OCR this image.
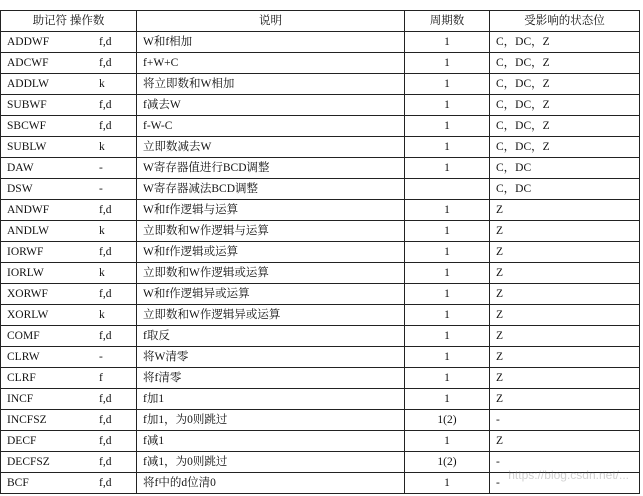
助记符 操作数	说明	周期数	受影响的状态位
ADDWF f,d	W和f相加	1	C，DC，Z
ADCWF f,d	f+W+C	1	C，DC，Z
ADDLW k	将立即数和W相加	1	C，DC，Z
SUBWF f,d	f减去W	1	C，DC，Z
SBCWF f,d	f-W-C	1	C，DC，Z
SUBLW k	立即数减去W	1	C，DC，Z
DAW -	W寄存器值进行BCD调整	1	C，DC
DSW -	W寄存器减法BCD调整		C，DC
ANDWF f,d	W和f作逻辑与运算	1	Z
ANDLW k	立即数和W作逻辑与运算	1	Z
IORWF f,d	W和f作逻辑或运算	1	Z
IORLW k	立即数和W作逻辑或运算	1	Z
XORWF f,d	W和f作逻辑异或运算	1	Z
XORLW k	立即数和W作逻辑异或运算	1	Z
COMF f,d	f取反	1	Z
CLRW -	将W清零	1	Z
CLRF f	将f清零	1	Z
INCF f,d	f加1	1	Z
INCFSZ f,d	f加1，为0则跳过	1(2)	-
DECF f,d	f减1	1	Z
DECFSZ f,d	f减1，为0则跳过	1(2)	-
BCF f,d	将f中的d位清0	1	-
https://blog.csdn.net/...
